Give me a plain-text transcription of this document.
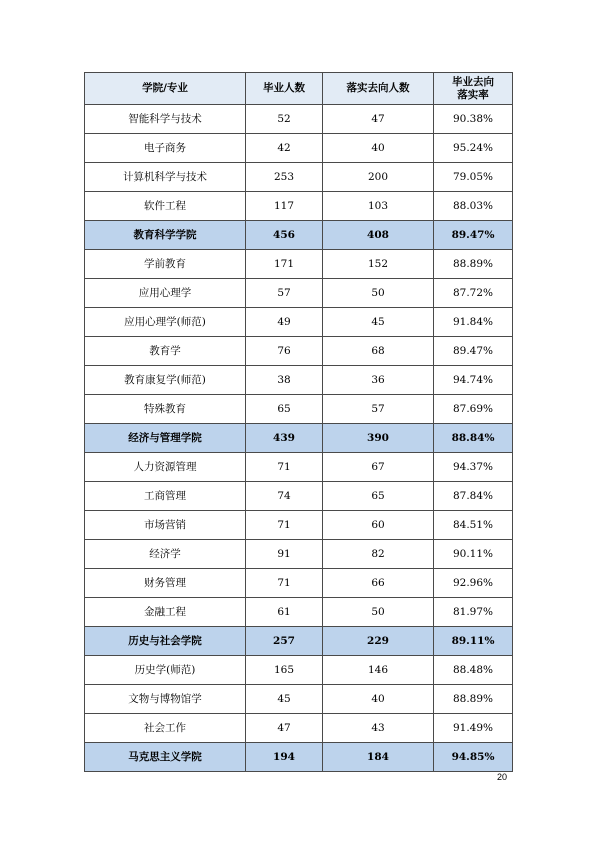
学院/专业	毕业人数	落实去向人数	毕业去向
落实率
智能科学与技术	52	47	90.38%
电子商务	42	40	95.24%
计算机科学与技术	253	200	79.05%
软件工程	117	103	88.03%
教育科学学院	456	408	89.47%
学前教育	171	152	88.89%
应用心理学	57	50	87.72%
应用心理学(师范)	49	45	91.84%
教育学	76	68	89.47%
教育康复学(师范)	38	36	94.74%
特殊教育	65	57	87.69%
经济与管理学院	439	390	88.84%
人力资源管理	71	67	94.37%
工商管理	74	65	87.84%
市场营销	71	60	84.51%
经济学	91	82	90.11%
财务管理	71	66	92.96%
金融工程	61	50	81.97%
历史与社会学院	257	229	89.11%
历史学(师范)	165	146	88.48%
文物与博物馆学	45	40	88.89%
社会工作	47	43	91.49%
马克思主义学院	194	184	94.85%
20
